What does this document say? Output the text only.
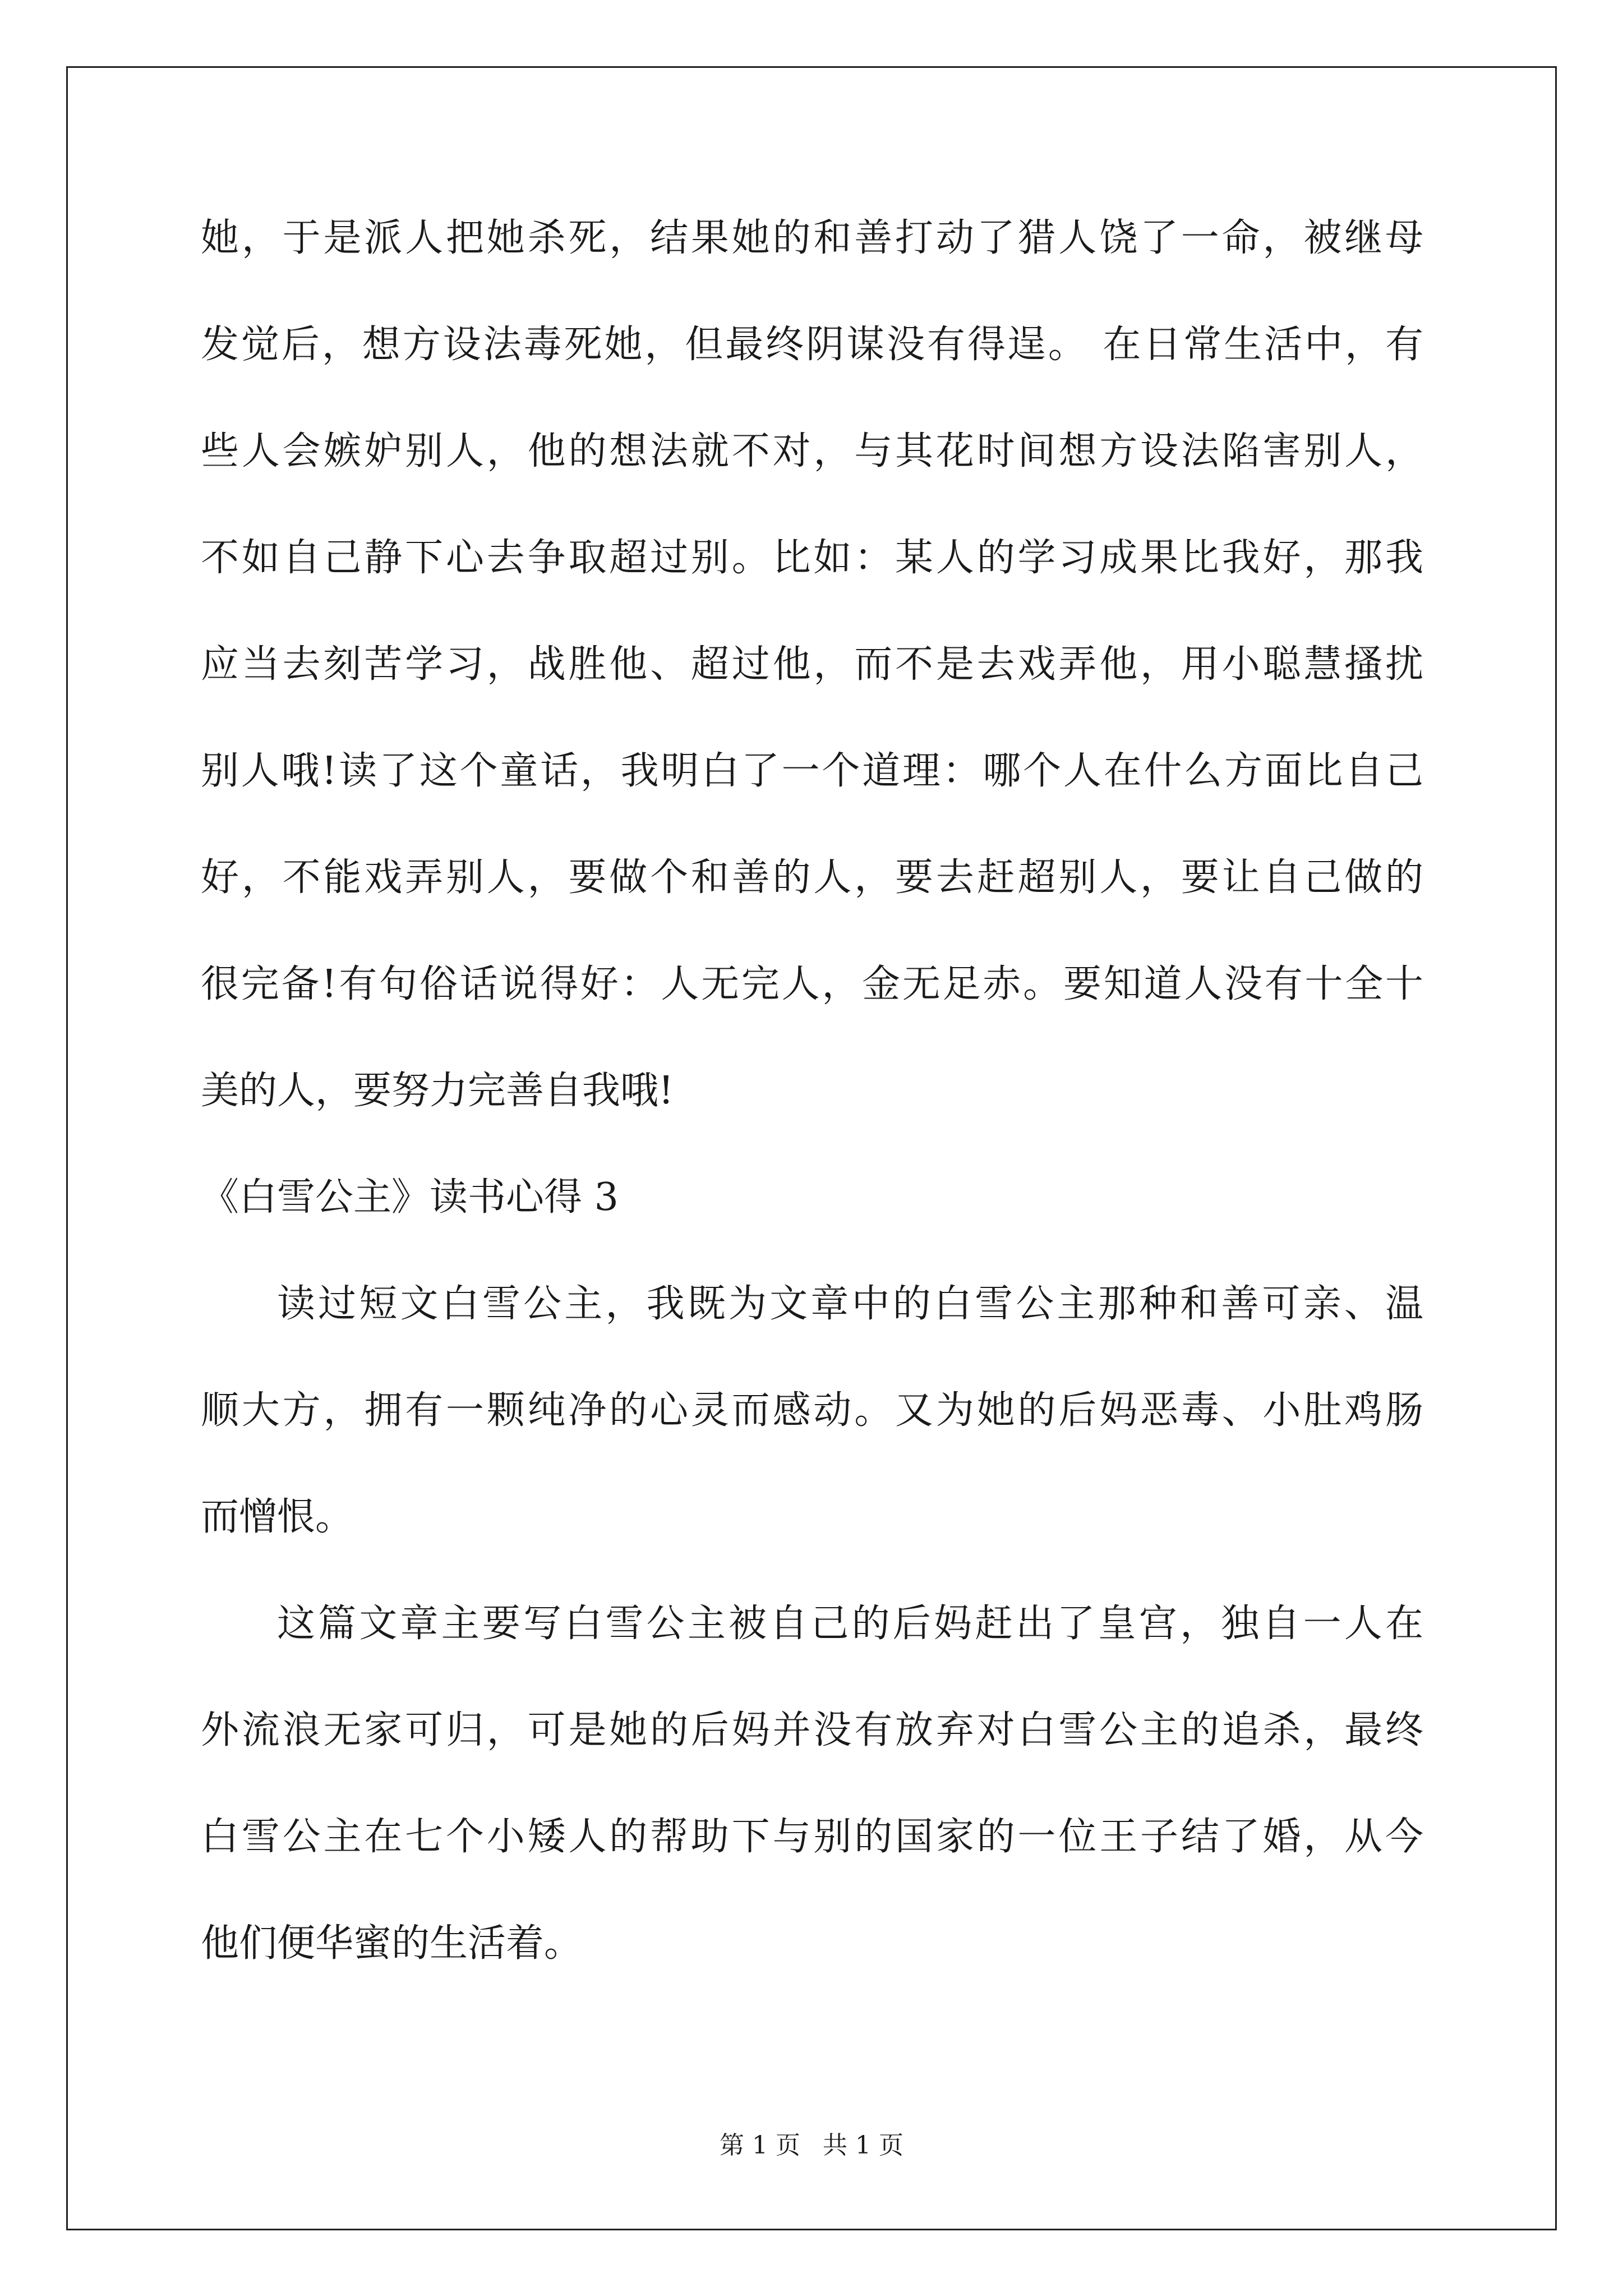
她，于是派人把她杀死，结果她的和善打动了猎人饶了一命，被继母
发觉后，想方设法毒死她，但最终阴谋没有得逞。 在日常生活中，有
些人会嫉妒别人，他的想法就不对，与其花时间想方设法陷害别人，
不如自己静下心去争取超过别。比如：某人的学习成果比我好，那我
应当去刻苦学习，战胜他、超过他，而不是去戏弄他，用小聪慧搔扰
别人哦!读了这个童话，我明白了一个道理：哪个人在什么方面比自己
好，不能戏弄别人，要做个和善的人，要去赶超别人，要让自己做的
很完备!有句俗话说得好：人无完人，金无足赤。要知道人没有十全十
美的人，要努力完善自我哦!
《白雪公主》读书心得 3
读过短文白雪公主，我既为文章中的白雪公主那种和善可亲、温
顺大方，拥有一颗纯净的心灵而感动。又为她的后妈恶毒、小肚鸡肠
而憎恨。
这篇文章主要写白雪公主被自己的后妈赶出了皇宫，独自一人在
外流浪无家可归，可是她的后妈并没有放弃对白雪公主的追杀，最终
白雪公主在七个小矮人的帮助下与别的国家的一位王子结了婚，从今
他们便华蜜的生活着。
第 1 页 共 1 页
